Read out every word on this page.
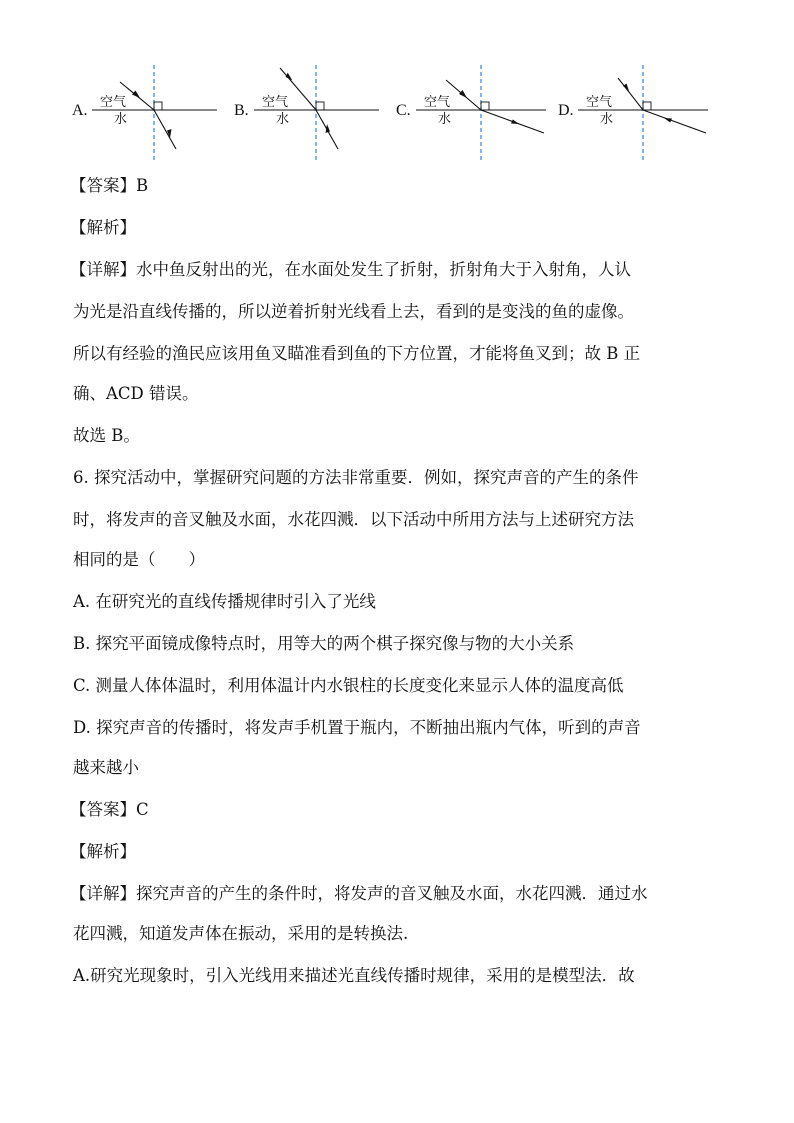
A. 空气
水
B. 空气
水
C. 空气
水
D. 空气
水
【答案】B
【解析】
【详解】水中鱼反射出的光，在水面处发生了折射，折射角大于入射角，人认
为光是沿直线传播的，所以逆着折射光线看上去，看到的是变浅的鱼的虚像。
所以有经验的渔民应该用鱼叉瞄准看到鱼的下方位置，才能将鱼叉到；故 B 正
确、ACD 错误。
故选 B。
6. 探究活动中，掌握研究问题的方法非常重要．例如，探究声音的产生的条件
时，将发声的音叉触及水面，水花四溅．以下活动中所用方法与上述研究方法
相同的是（　　）
A. 在研究光的直线传播规律时引入了光线
B. 探究平面镜成像特点时，用等大的两个棋子探究像与物的大小关系
C. 测量人体体温时，利用体温计内水银柱的长度变化来显示人体的温度高低
D. 探究声音的传播时，将发声手机置于瓶内，不断抽出瓶内气体，听到的声音
越来越小
【答案】C
【解析】
【详解】探究声音的产生的条件时，将发声的音叉触及水面，水花四溅．通过水
花四溅，知道发声体在振动，采用的是转换法.
A.研究光现象时，引入光线用来描述光直线传播时规律，采用的是模型法．故
